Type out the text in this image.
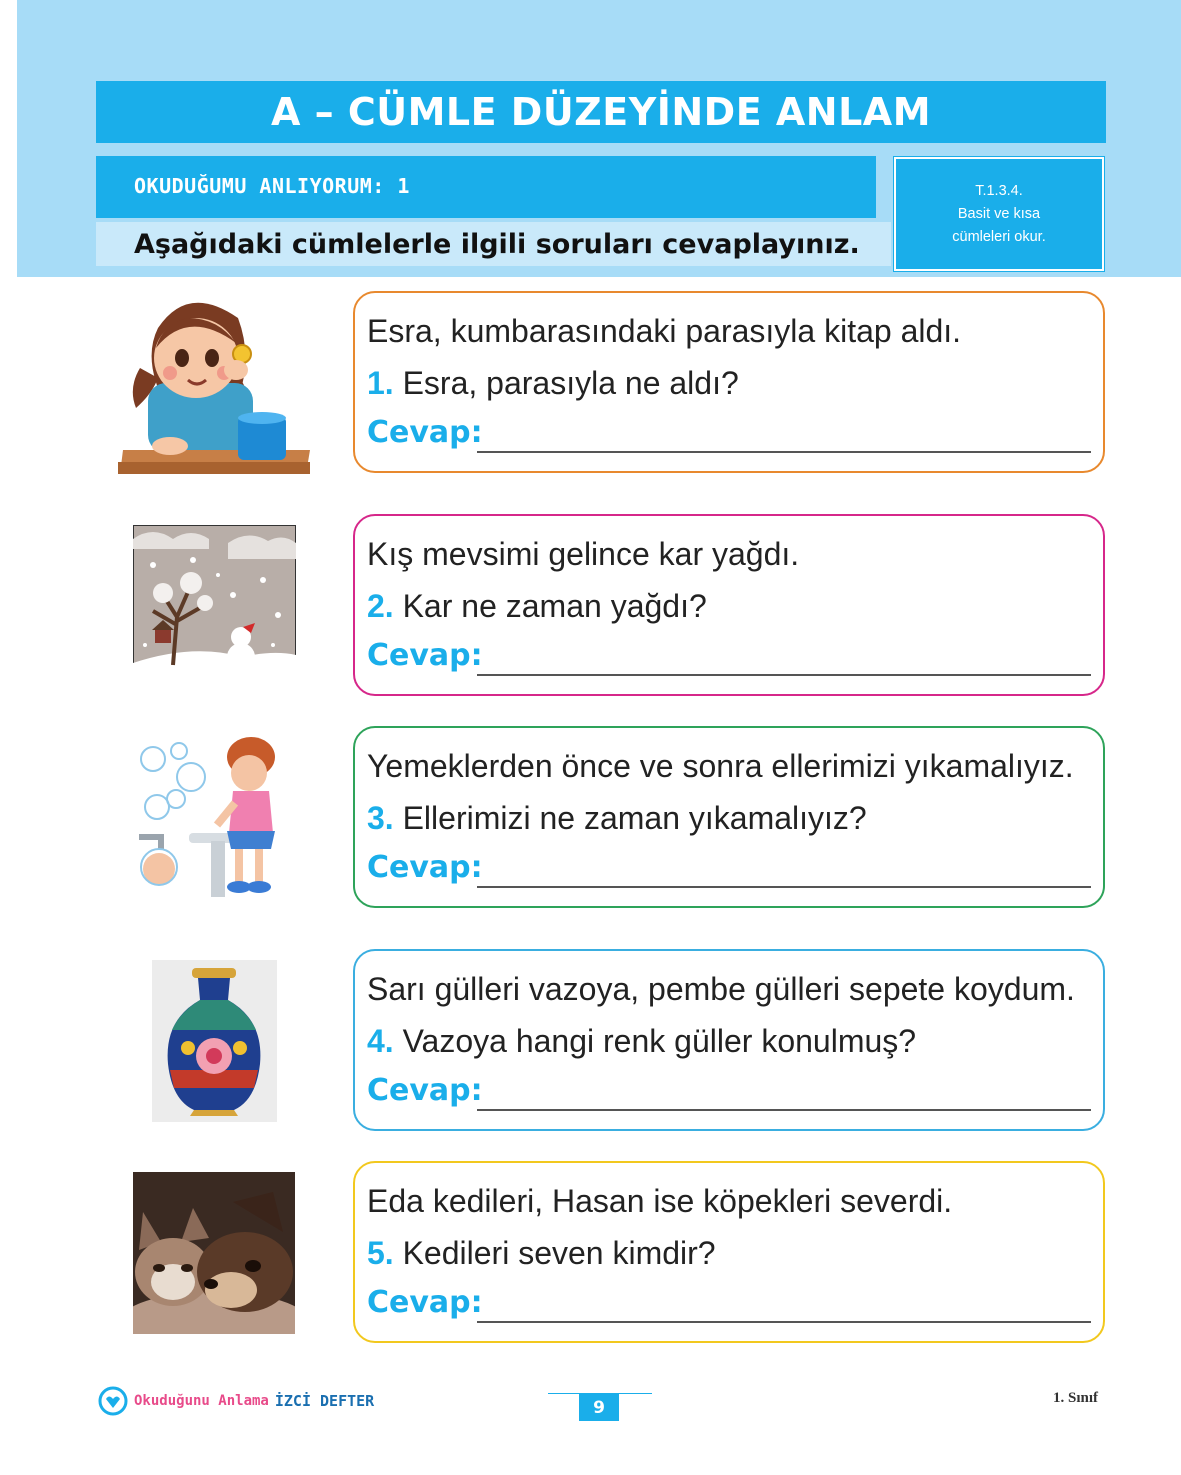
A – CÜMLE DÜZEYİNDE ANLAM
OKUDUĞUMU ANLIYORUM: 1
Aşağıdaki cümlelerle ilgili soruları cevaplayınız.
T.1.3.4.
Basit ve kısa
cümleleri okur.
Esra, kumbarasındaki parasıyla kitap aldı.
1. Esra, parasıyla ne aldı?
Cevap:
Kış mevsimi gelince kar yağdı.
2. Kar ne zaman yağdı?
Cevap:
Yemeklerden önce ve sonra ellerimizi yıkamalıyız.
3. Ellerimizi ne zaman yıkamalıyız?
Cevap:
Sarı gülleri vazoya, pembe gülleri sepete koydum.
4. Vazoya hangi renk güller konulmuş?
Cevap:
Eda kedileri, Hasan ise köpekleri severdi.
5. Kedileri seven kimdir?
Cevap:
Okuduğunu Anlama İZCİ DEFTER	9	1. Sınıf
